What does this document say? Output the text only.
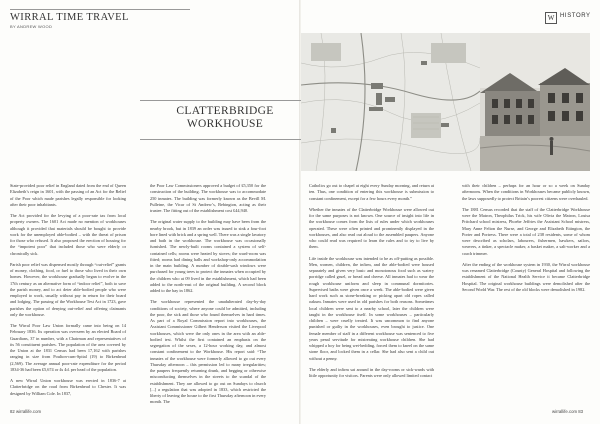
WIRRAL TIME TRAVEL
BY ANDREW WOOD
W HISTORY
CLATTERBRIDGE
WORKHOUSE

State-provided poor relief in England dated from the end of Queen Elizabeth’s reign in 1601, with the passing of an Act for the Relief of the Poor which made parishes legally responsible for looking after their poor inhabitants.

The Act provided for the levying of a poor-rate tax from local property owners. The 1601 Act made no mention of workhouses although it provided that materials should be bought to provide work for the unemployed able-bodied – with the threat of prison for those who refused. It also proposed the erection of housing for the “impotent poor” that included those who were elderly or chronically sick.

Parish poor relief was dispensed mostly through “out-relief” grants of money, clothing, food, or fuel to those who lived in their own homes. However, the workhouse gradually began to evolve in the 17th century as an alternative form of “indoor relief”, both to save the parish money, and to act deter able-bodied people who were employed to work, usually without pay in return for their board and lodging. The passing of the Workhouse Test Act in 1723, gave parishes the option of denying out-relief and offering claimants only the workhouse.

The Wirral Poor Law Union formally came into being on 14 February 1836. Its operation was overseen by an elected Board of Guardians, 37 in number, with a Chairman and representatives of its 56 constituent parishes. The population of the area covered by the Union at the 1831 Census had been 17,162 with parishes ranging in size from Poulton-cum-Spital (19) to Birkenhead (2,569). The average annual poor-rate expenditure for the period 1834-36 had been £5,674 or 4s 4d. per head of the population.

A new Wirral Union workhouse was erected in 1836-7 at Clatterbridge on the road from Birkenhead to Chester. It was designed by William Cole. In 1837,

the Poor Law Commissioners approved a budget of £5,350 for the construction of the building. The workhouse was to accommodate 250 inmates. The building was formerly known as the Bevill M. Pulleine, the Vicar of St Andrew’s, Bebington, acting as their trustee. The fitting out of the establishment cost £44,940.

The original water supply to the building may have been from the nearby brook, but in 1839 an order was issued to sink a four-foot bore lined with brick and a spring well. There was a single lavatory and bath in the workhouse. The workhouse was occasionally furnished. The newly-built rooms contained a system of self-contained cells; rooms were heated by stoves; the ward-room was fitted; rooms had dining halls and workshop-only accommodation in the main building. A number of double-sash windows were purchased for young trees to protect the inmates when occupied by the children who at 09 lived in the establishment, which had been added to the north-east of the original building. A second block added to the bay in 1862.

The workhouse represented the unadulterated day-by-day conditions of society, where anyone could be admitted, including the poor, the sick and those who found themselves in hard times. As part of a Royal Commission report into workhouses, the Assistant Commissioner Gilbert Henderson visited the Liverpool workhouses, which were the only ones in the area with an able-bodied test. Whilst the first contained an emphasis on the segregation of the sexes, a 12-hour working day, and almost constant confinement to the Workhouse. His report said: “The inmates of the workhouse were formerly allowed to go out every Thursday afternoon – this permission led to many irregularities; the paupers frequently returning drunk, and begging or otherwise misconducting themselves in the streets to the scandal of the establishment. They are allowed to go out on Sundays to church [...] a regulation that was adopted in 1833, which restricted the liberty of leaving the house to the first Thursday afternoon in every month. The

Catholics go out to chapel at eight every Sunday morning, and return at ten. Thus, one condition of entering this workhouse is submission to constant confinement, except for a few hours every month.”

Whether the inmates of the Clatterbridge Workhouse were allowed out for the same purposes is not known. One source of insight into life in the workhouse comes from the lists of rules under which workhouses operated. These were often printed and prominently displayed in the workhouses, and also read out aloud to the assembled paupers. Anyone who could read was required to learn the rules and to try to live by them.

Life inside the workhouse was intended to be as off-putting as possible. Men, women, children, the infirm, and the able-bodied were housed separately and given very basic and monotonous food such as watery porridge called gruel, or bread and cheese. All inmates had to wear the rough workhouse uniform and sleep in communal dormitories. Supervised baths were given once a week. The able-bodied were given hard work such as stone-breaking or picking apart old ropes called oakum. Inmates were used in old parishes for both reasons. Sometimes local children were sent to a nearby school, later the children were taught in the workhouse itself. In some workhouses – particularly children – were cruelly treated. It was uncommon to find anyone punished or guilty in the workhouses, even brought to justice. One female member of staff in a different workhouse was sentenced to five years penal servitude for mistreating workhouse children. She had whipped a boy for being wet-bedding, forced them to kneel on the same stone floor, and locked them in a cellar. She had also sent a child out without a penny.

The elderly and infirm sat around in the day-rooms or sick-wards with little opportunity for visitors. Parents were only allowed limited contact

with their children – perhaps for an hour or so a week on Sunday afternoons. When the conditions in Workhouses became publicly known, the laws supposedly to protect Britain’s poorest citizens were overhauled.

The 1881 Census recorded that the staff of the Clatterbridge Workhouse were the Matron, Theophilus Trick, his wife Olivia the Matron, Louisa Pritchard school mistress, Phoebe Jeffries the Assistant School mistress, Mary Anne Felton the Nurse, and George and Elizabeth Ettington, the Porter and Portress. There were a total of 238 residents, some of whom were described as scholars, labourers, fishermen, hawkers, sailors, weavers, a tinker, a spectacle maker, a basket maker, a salt-worker and a coach trimmer.

After the ending of the workhouse system in 1930, the Wirral workhouse was renamed Clatterbridge (County) General Hospital and following the establishment of the National Health Service it became Clatterbridge Hospital. The original workhouse buildings were demolished after the Second World War. The rest of the old blocks were demolished in 1982.

82 wirrallife.com	wirrallife.com 83
